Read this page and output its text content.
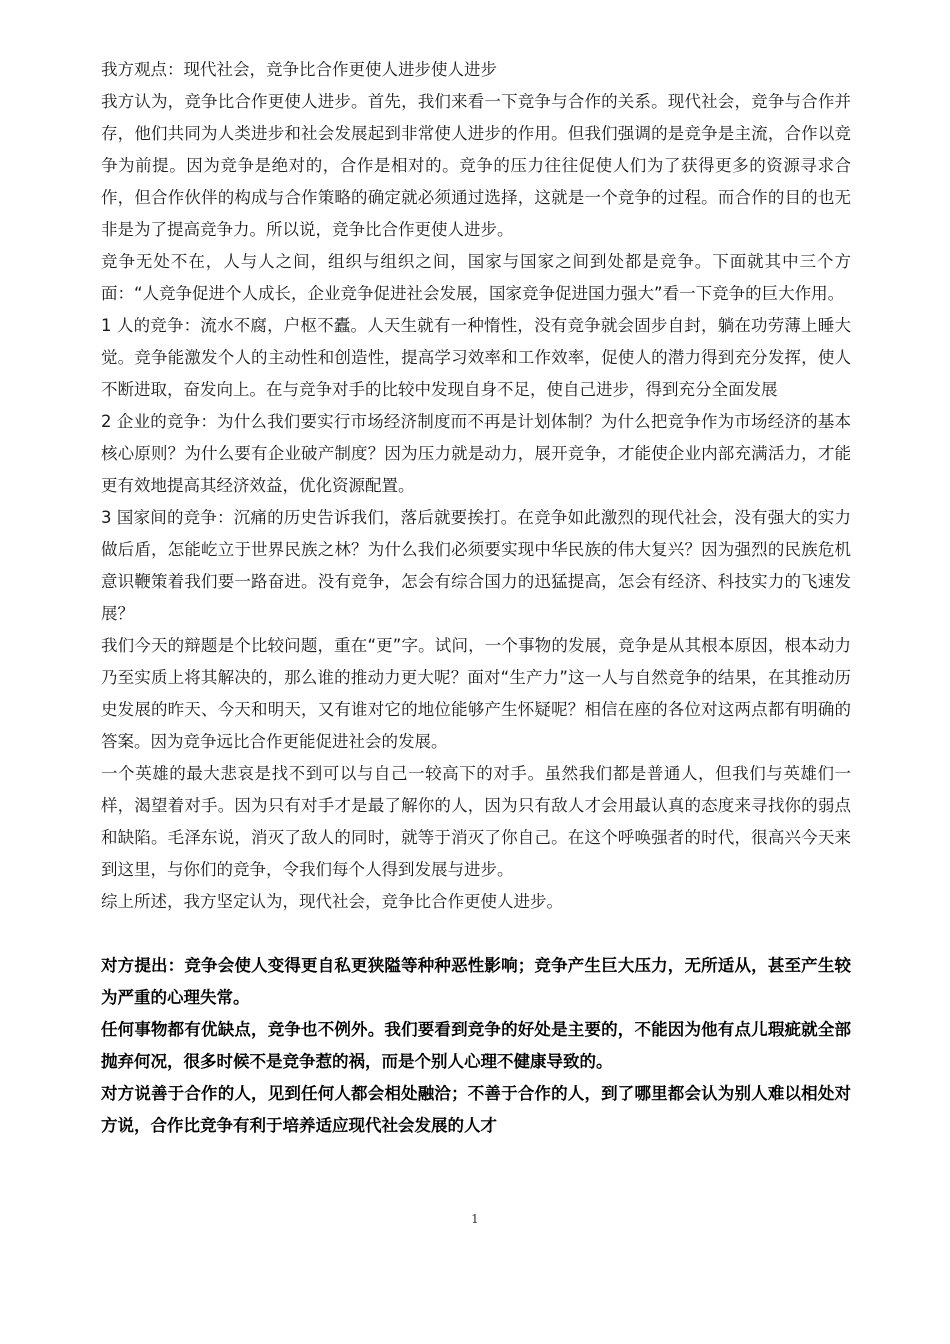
我方观点：现代社会，竞争比合作更使人进步使人进步

我方认为，竞争比合作更使人进步。首先，我们来看一下竞争与合作的关系。现代社会，竞争与合作并存，他们共同为人类进步和社会发展起到非常使人进步的作用。但我们强调的是竞争是主流，合作以竞争为前提。因为竞争是绝对的，合作是相对的。竞争的压力往往促使人们为了获得更多的资源寻求合作，但合作伙伴的构成与合作策略的确定就必须通过选择，这就是一个竞争的过程。而合作的目的也无非是为了提高竞争力。所以说，竞争比合作更使人进步。

竞争无处不在，人与人之间，组织与组织之间，国家与国家之间到处都是竞争。下面就其中三个方面：“人竞争促进个人成长，企业竞争促进社会发展，国家竞争促进国力强大”看一下竞争的巨大作用。

1 人的竞争：流水不腐，户枢不蠹。人天生就有一种惰性，没有竞争就会固步自封，躺在功劳薄上睡大觉。竞争能激发个人的主动性和创造性，提高学习效率和工作效率，促使人的潜力得到充分发挥，使人不断进取，奋发向上。在与竞争对手的比较中发现自身不足，使自己进步，得到充分全面发展

2 企业的竞争：为什么我们要实行市场经济制度而不再是计划体制？为什么把竞争作为市场经济的基本核心原则？为什么要有企业破产制度？因为压力就是动力，展开竞争，才能使企业内部充满活力，才能更有效地提高其经济效益，优化资源配置。

3 国家间的竞争：沉痛的历史告诉我们，落后就要挨打。在竞争如此激烈的现代社会，没有强大的实力做后盾，怎能屹立于世界民族之林？为什么我们必须要实现中华民族的伟大复兴？因为强烈的民族危机意识鞭策着我们要一路奋进。没有竞争，怎会有综合国力的迅猛提高，怎会有经济、科技实力的飞速发展？

我们今天的辩题是个比较问题，重在“更”字。试问，一个事物的发展，竞争是从其根本原因，根本动力乃至实质上将其解决的，那么谁的推动力更大呢？面对“生产力”这一人与自然竞争的结果，在其推动历史发展的昨天、今天和明天，又有谁对它的地位能够产生怀疑呢？相信在座的各位对这两点都有明确的答案。因为竞争远比合作更能促进社会的发展。

一个英雄的最大悲哀是找不到可以与自己一较高下的对手。虽然我们都是普通人，但我们与英雄们一样，渴望着对手。因为只有对手才是最了解你的人，因为只有敌人才会用最认真的态度来寻找你的弱点和缺陷。毛泽东说，消灭了敌人的同时，就等于消灭了你自己。在这个呼唤强者的时代，很高兴今天来到这里，与你们的竞争，令我们每个人得到发展与进步。

综上所述，我方坚定认为，现代社会，竞争比合作更使人进步。

对方提出：竞争会使人变得更自私更狭隘等种种恶性影响；竞争产生巨大压力，无所适从，甚至产生较为严重的心理失常。

任何事物都有优缺点，竞争也不例外。我们要看到竞争的好处是主要的，不能因为他有点儿瑕疵就全部抛弃何况，很多时候不是竞争惹的祸，而是个别人心理不健康导致的。

对方说善于合作的人，见到任何人都会相处融洽；不善于合作的人，到了哪里都会认为别人难以相处对方说，合作比竞争有利于培养适应现代社会发展的人才

1
